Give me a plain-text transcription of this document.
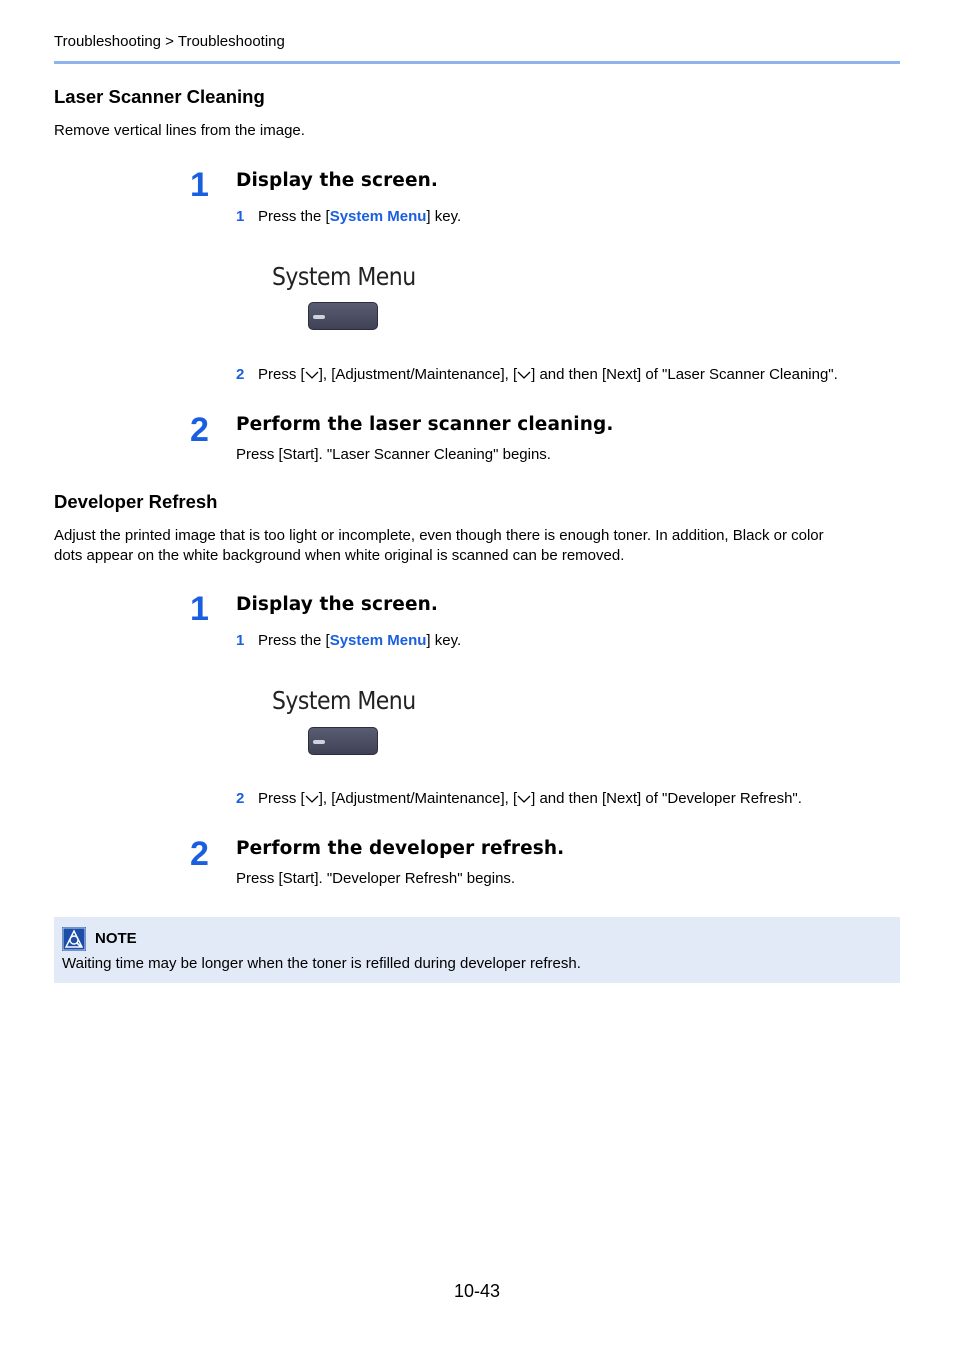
Troubleshooting > Troubleshooting
Laser Scanner Cleaning
Remove vertical lines from the image.
1	Display the screen.
1 Press the [System Menu] key.
System Menu
2 Press [ ], [Adjustment/Maintenance], [ ] and then [Next] of "Laser Scanner Cleaning".
2	Perform the laser scanner cleaning.
Press [Start]. "Laser Scanner Cleaning" begins.
Developer Refresh
Adjust the printed image that is too light or incomplete, even though there is enough toner. In addition, Black or color
dots appear on the white background when white original is scanned can be removed.
1	Display the screen.
1 Press the [System Menu] key.
System Menu
2 Press [ ], [Adjustment/Maintenance], [ ] and then [Next] of "Developer Refresh".
2	Perform the developer refresh.
Press [Start]. "Developer Refresh" begins.
NOTE
Waiting time may be longer when the toner is refilled during developer refresh.
10-43
